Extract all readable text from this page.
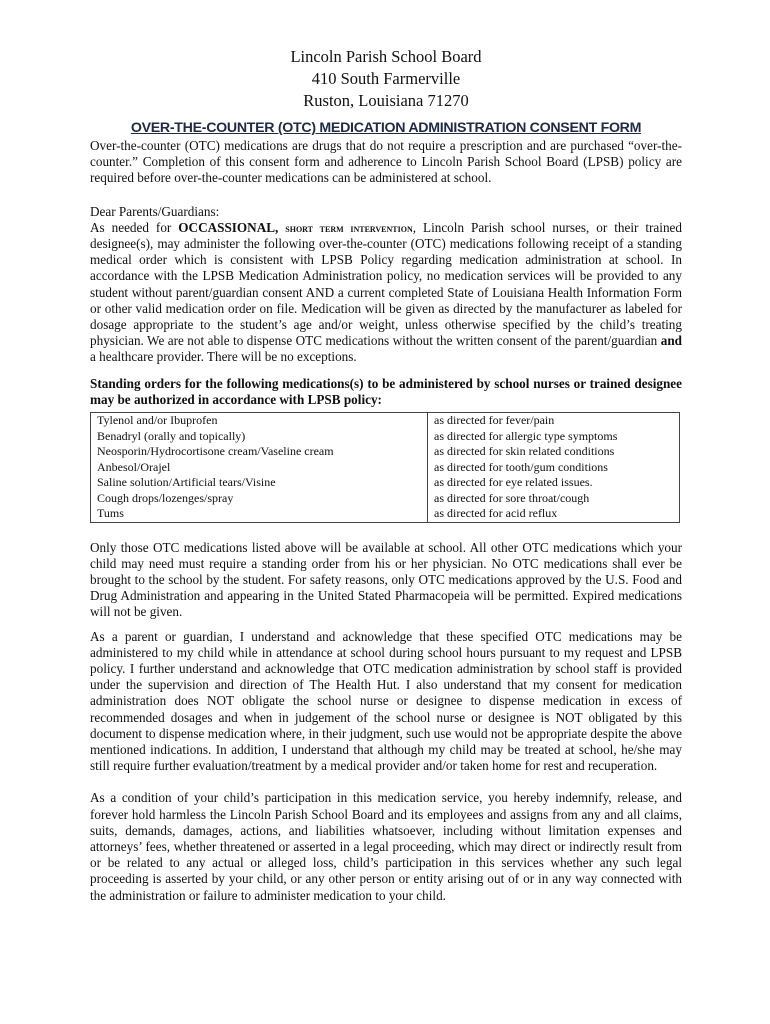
Lincoln Parish School Board
410 South Farmerville
Ruston, Louisiana 71270
OVER-THE-COUNTER (OTC) MEDICATION ADMINISTRATION CONSENT FORM

Over-the-counter (OTC) medications are drugs that do not require a prescription and are purchased “over-the-counter.” Completion of this consent form and adherence to Lincoln Parish School Board (LPSB) policy are required before over-the-counter medications can be administered at school.

Dear Parents/Guardians:

As needed for OCCASSIONAL, short term intervention, Lincoln Parish school nurses, or their trained designee(s), may administer the following over-the-counter (OTC) medications following receipt of a standing medical order which is consistent with LPSB Policy regarding medication administration at school. In accordance with the LPSB Medication Administration policy, no medication services will be provided to any student without parent/guardian consent AND a current completed State of Louisiana Health Information Form or other valid medication order on file. Medication will be given as directed by the manufacturer as labeled for dosage appropriate to the student’s age and/or weight, unless otherwise specified by the child’s treating physician. We are not able to dispense OTC medications without the written consent of the parent/guardian and a healthcare provider. There will be no exceptions.

Standing orders for the following medications(s) to be administered by school nurses or trained designee may be authorized in accordance with LPSB policy:

Tylenol and/or Ibuprofen	as directed for fever/pain
Benadryl (orally and topically)	as directed for allergic type symptoms
Neosporin/Hydrocortisone cream/Vaseline cream	as directed for skin related conditions
Anbesol/Orajel	as directed for tooth/gum conditions
Saline solution/Artificial tears/Visine	as directed for eye related issues.
Cough drops/lozenges/spray	as directed for sore throat/cough
Tums	as directed for acid reflux

Only those OTC medications listed above will be available at school. All other OTC medications which your child may need must require a standing order from his or her physician. No OTC medications shall ever be brought to the school by the student. For safety reasons, only OTC medications approved by the U.S. Food and Drug Administration and appearing in the United Stated Pharmacopeia will be permitted. Expired medications will not be given.

As a parent or guardian, I understand and acknowledge that these specified OTC medications may be administered to my child while in attendance at school during school hours pursuant to my request and LPSB policy. I further understand and acknowledge that OTC medication administration by school staff is provided under the supervision and direction of The Health Hut. I also understand that my consent for medication administration does NOT obligate the school nurse or designee to dispense medication in excess of recommended dosages and when in judgement of the school nurse or designee is NOT obligated by this document to dispense medication where, in their judgment, such use would not be appropriate despite the above mentioned indications. In addition, I understand that although my child may be treated at school, he/she may still require further evaluation/treatment by a medical provider and/or taken home for rest and recuperation.

As a condition of your child’s participation in this medication service, you hereby indemnify, release, and forever hold harmless the Lincoln Parish School Board and its employees and assigns from any and all claims, suits, demands, damages, actions, and liabilities whatsoever, including without limitation expenses and attorneys’ fees, whether threatened or asserted in a legal proceeding, which may direct or indirectly result from or be related to any actual or alleged loss, child’s participation in this services whether any such legal proceeding is asserted by your child, or any other person or entity arising out of or in any way connected with the administration or failure to administer medication to your child.
